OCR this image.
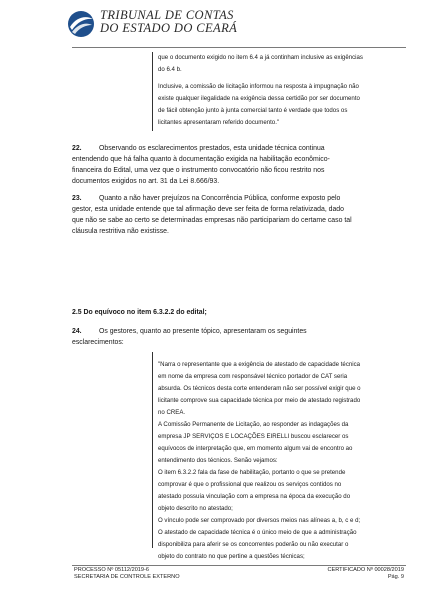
TRIBUNAL DE CONTAS
DO ESTADO DO CEARÁ
que o documento exigido no item 6.4 a já continham inclusive as exigências
do 6.4 b.
Inclusive, a comissão de licitação informou na resposta à impugnação não
existe qualquer ilegalidade na exigência dessa certidão por ser documento
de fácil obtenção junto à junta comercial tanto é verdade que todos os
licitantes apresentaram referido documento."
22.	Observando os esclarecimentos prestados, esta unidade técnica continua
entendendo que há falha quanto à documentação exigida na habilitação econômico-
financeira do Edital, uma vez que o instrumento convocatório não ficou restrito nos
documentos exigidos no art. 31 da Lei 8.666/93.
23.	Quanto a não haver prejuízos na Concorrência Pública, conforme exposto pelo
gestor, esta unidade entende que tal afirmação deve ser feita de forma relativizada, dado
que não se sabe ao certo se determinadas empresas não participariam do certame caso tal
cláusula restritiva não existisse.
2.5 Do equívoco no item 6.3.2.2 do edital;
24.	Os gestores, quanto ao presente tópico, apresentaram os seguintes
esclarecimentos:
"Narra o representante que a exigência de atestado de capacidade técnica
em nome da empresa com responsável técnico portador de CAT seria
absurda. Os técnicos desta corte entenderam não ser possível exigir que o
licitante comprove sua capacidade técnica por meio de atestado registrado
no CREA.
A Comissão Permanente de Licitação, ao responder as indagações da
empresa JP SERVIÇOS E LOCAÇÕES EIRELLI buscou esclarecer os
equívocos de interpretação que, em momento algum vai de encontro ao
entendimento dos técnicos. Senão vejamos:
O item 6.3.2.2 fala da fase de habilitação, portanto o que se pretende
comprovar é que o profissional que realizou os serviços contidos no
atestado possuía vinculação com a empresa na época da execução do
objeto descrito no atestado;
O vínculo pode ser comprovado por diversos meios nas alíneas a, b, c e d;
O atestado de capacidade técnica é o único meio de que a administração
disponibiliza para aferir se os concorrentes poderão ou não executar o
objeto do contrato no que pertine a questões técnicas;
PROCESSO Nº 05112/2019-6
SECRETARIA DE CONTROLE EXTERNO
CERTIFICADO Nº 00028/2019
Pág. 9
